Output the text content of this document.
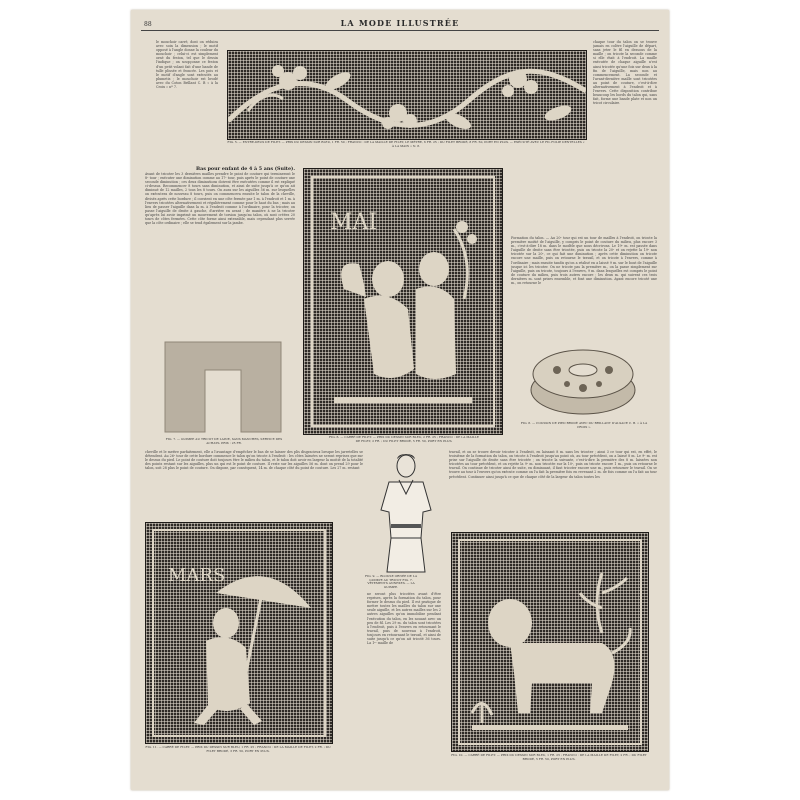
88	LA MODE ILLUSTRÉE
le mouchoir carré, dont on réduira avec soin la dimension ; le motif opposé à l'angle donne la couleur du mouchoir ; celui-ci est simplement orné du feston, tel que le dessin l'indique ; on soupçonne ce feston d'un petit volant fait d'une bande de tulle plissée et froncée. Les pois et le motif d'angle sont exécutés au plumetis ; le mouchoir est brodé avec du Coton Brillant C. B « à la Croix » nº 7.
Bas pour enfant de 4 à 5 ans (Suite).
Avant de tricoter les 3 dernières mailles prendre le point de couture qui termineront le 8ᵉ tour ; exécuter une diminution comme au 17ᵉ tour, puis après le point de couture une seconde diminution ; ces deux diminutions doivent être exécutées comme il est expliqué ci-dessus. Recommencer 8 tours sans diminution, et ainsi de suite jusqu'à ce qu'on ait diminué de 12 mailles, 2 tous les 8 tours. On aura sur les aiguilles 56 m. sur lesquelles on exécutera de nouveau 8 tours, puis on commencera ensuite le talon de la cheville, divisés après cette bordure ; il convient en une côte fermée par 1 m. à l'endroit et 1 m. à l'envers tricotées alternativement et régulièrement comme pour le haut du bas ; mais au lieu de passer l'aiguille dans la m. à l'endroit comme à l'ordinaire, pour la tricoter, on passe l'aiguille de droite à gauche, d'arrière en avant ; de manière à ne la tricoter qu'après lui avoir imprimé un mouvement de torsion jusqu'au talon, où sont créées 20 tours de côtes fermées. Cette côte forme ainsi extensible, mais cependant plus serrée que la côte ordinaire ; elle se tend également sur la jambe.
FIG. 5. — ENTRE-DEUX DE FILET. — PRIX DU DESSIN SUR BLEU, 1 FR. 50 ; FRANCO : DE LA MAILLE DE FILET, LE MÈTRE, 6 FR. 25 ; DU FILET BRODÉ, 8 FR. 50, PORT EN PLUS. — EXÉCUTÉ AVEC LE FIL FOLIE DENTELLES « À LA MAIN » N. 8.
chaque tour du talon on se trouve jamais en colère l'aiguille de départ, sans jeter le fil en dessous de la maille ; on tricote la seconde comme si elle était à l'endroit. La maille exécutée de chaque aiguille n'est ainsi tricotée qu'une fois sur deux à la fin de l'aiguille, mais non au commencement. La seconde et l'avant-dernière maille sont tricotées au point de couture, c'est-à-dire alternativement à l'endroit et à l'envers. Cette disposition contribue beaucoup les bords du talon qui, sans fait, forme une bande plate et non un tricot circulaire.
Formation du talon. — Au 20ᵉ tour qui est un tour de mailles à l'endroit, on tricote la première moitié de l'aiguille, y compris le point de couture du milieu, plus encore 3 m., c'est-à-dire 18 m. dans le modèle que nous décrivons. Le 19ᵉ m. est passée dans l'aiguille de droite sans être tricotée, puis on tricote la 20ᵉ et on rejette la 19ᵉ non tricotée sur la 20ᵉ, ce qui fait une diminution ; après cette diminution on tricote encore une maille, puis on retourne le travail, et on tricote à l'envers, comme à l'ordinaire ; mais ensuite tandis qu'on a réalisé en a laissé 9 m. sur le bout de l'aiguille jusque ici les tricoter. On ne tricote pas la première m., on la passe simplement sur l'aiguille, puis on tricote, toujours à l'envers, 9 m. dans lesquelles est compris le point de couture du milieu, puis trois autres encore ; les deux m. qui suivent ces trois dernières m. sont prises ensemble, et font une diminution. Ayant encore tricoté une m., on retourne le
MAI
FIG. 6. — CARRÉ DE FILET. — PRIX DU DESSIN SUR BLEU, 2 FR. 25 ; FRANCO : DE LA MAILLE DE FILET, 2 FR. ; DU FILET BRODÉ, 5 FR. 50, PORT EN PLUS.
FIG. 7. — GUIMPE AU TRICOT DE LAINE, SANS MANCHES, SERVICE DES ACHATS. PRIX : 25 FR.
FIG. 8. — COUSSIN DE PIED BRODÉ AVEC DU BRILLANT D'ALSACE C. B. « À LA CROIX ».
cheville et le mettre parfaitement, elle a l'avantage d'empêcher le bas de se laisser des plis disgracieux lorsque les jarretelles se détendent. Au 26ᵉ tour de cette bordure commence le talon qu'on tricote à l'endroit : les côtes laissées ne seront reprises que sur le dessus du pied. Le point de couture doit toujours être le milieu du talon, et le talon doit avoir en largeur la moitié de la totalité des points restant sur les aiguilles, plus un qui est le point de couture. Il reste sur les aiguilles 56 m. dont on prend 29 pour le talon, soit 28 plus le point de couture. On dispose, par conséquent, 14 m. de chaque côté du point de couture. Les 27 m. restant
travail, et on se trouve devoir tricoter à l'endroit, en laissant 8 m. sans les tricoter ; ainsi 3 ce tour qui est, en effet, le troisième de la formation du talon, on tricote à l'endroit jusqu'au point où, au tour précédent, on a laissé 8 m. Le 9ᵉ m. est prise sur l'aiguille de droite sans être tricotée ; on tricote la suivante, c'est-à-dire la première des 8 m. laissées non tricotées au tour précédent, et on rejette la 9ᵉ m. non tricotée sur la 10ᵉ, puis on tricote encore 1 m., puis on retourne le travail. On continue de tricoter ainsi de suite, en diminuant, il faut tricoter encore une m., puis retourner le travail. On se trouve au tour à l'envers qu'on exécute comme on l'a fait la première fois en revenant 2 m. de fois comme on l'a fait au tour précédent. Continuer ainsi jusqu'à ce que de chaque côté de la largeur du talon toutes les
FIG. 9. — BLOUSE ORNÉE DE LA GUIMPE AU TRICOT FIG. 7. VÊTEMENTS ANNEXES. — LA GUIMPE.
MARS
FIG. 11. — CARRÉ DE FILET. — PRIX DU DESSIN SUR BLEU, 1 FR. 25 ; FRANCO : DE LA MAILLE DE FILET, 2 FR. ; DU FILET BRODÉ, 3 FR. 50, PORT EN PLUS.
ne seront plus tricotées avant d'être reprises, après la formation du talon, pour former le dessus du pied. Il est pratique de mettre toutes les mailles du talon sur une seule aiguille, et les autres mailles sur les 2 autres aiguilles qu'on immobilise pendant l'exécution du talon, en les nouant avec un peu de fil. Les 29 m. du talon sont tricotées à l'endroit, puis à l'envers en retournant le travail, puis de nouveau à l'endroit, toujours en retournant le travail, et ainsi de suite jusqu'à ce qu'on ait tricoté 36 tours. La 1ʳᵉ maille de
FIG. 10. — CARRÉ DE FILET. — PRIX DU DESSIN SUR BLEU, 1 FR. 25 ; FRANCO : DE LA MAILLE DE FILET, 2 FR. ; DU FILET BRODÉ, 5 FR. 50, PORT EN PLUS.
